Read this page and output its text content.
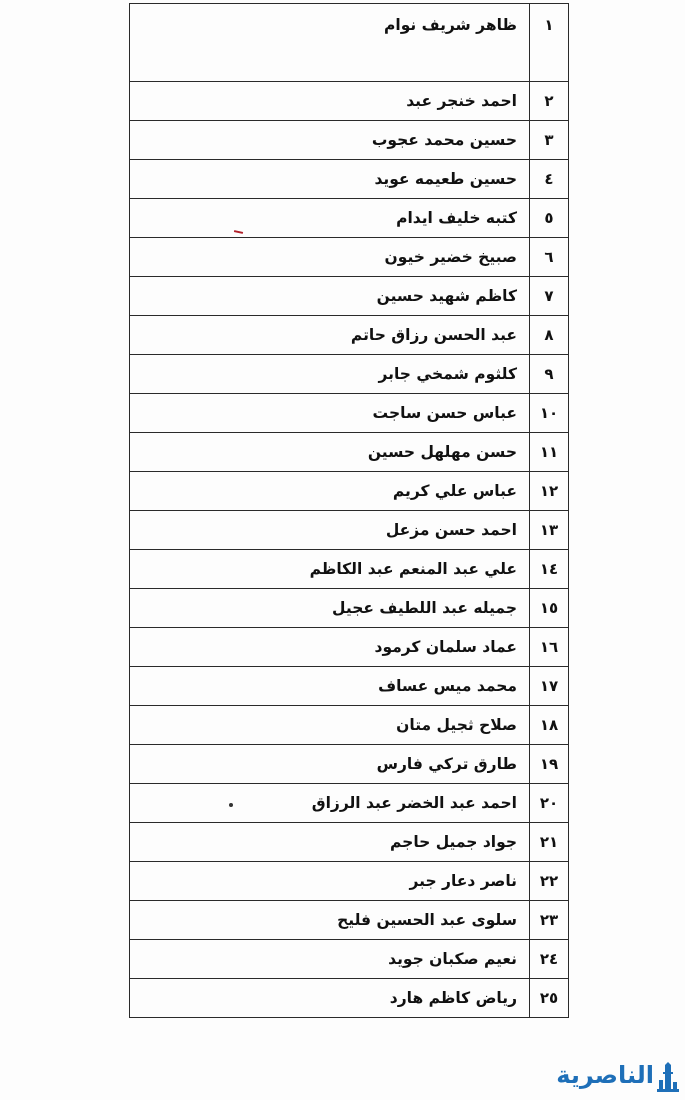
١	ظاهر شريف نوام
٢	احمد خنجر عبد
٣	حسين محمد عجوب
٤	حسين طعيمه عويد
٥	كتبه خليف ايدام
٦	صبيخ خضير خيون
٧	كاظم شهيد حسين
٨	عبد الحسن رزاق حاتم
٩	كلثوم شمخي جابر
١٠	عباس حسن ساجت
١١	حسن مهلهل حسين
١٢	عباس علي كريم
١٣	احمد حسن مزعل
١٤	علي عبد المنعم عبد الكاظم
١٥	جميله عبد اللطيف عجيل
١٦	عماد سلمان كرمود
١٧	محمد ميس عساف
١٨	صلاح ثجيل متان
١٩	طارق تركي فارس
٢٠	احمد عبد الخضر عبد الرزاق
٢١	جواد جميل حاجم
٢٢	ناصر دعار جبر
٢٣	سلوى عبد الحسين فليح
٢٤	نعيم صكبان جويد
٢٥	رياض كاظم هارد
الناصرية
